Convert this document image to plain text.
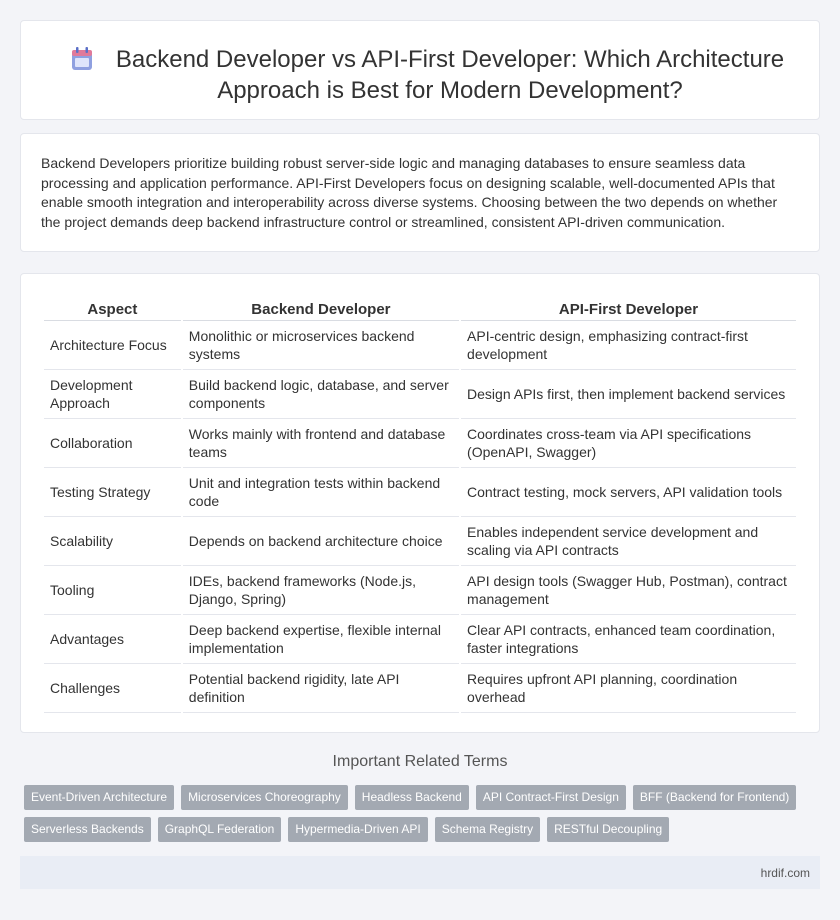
Backend Developer vs API-First Developer: Which Architecture Approach is Best for Modern Development?

Backend Developers prioritize building robust server-side logic and managing databases to ensure seamless data processing and application performance. API-First Developers focus on designing scalable, well-documented APIs that enable smooth integration and interoperability across diverse systems. Choosing between the two depends on whether the project demands deep backend infrastructure control or streamlined, consistent API-driven communication.

Aspect	Backend Developer	API-First Developer
Architecture Focus	Monolithic or microservices backend systems	API-centric design, emphasizing contract-first development
Development Approach	Build backend logic, database, and server components	Design APIs first, then implement backend services
Collaboration	Works mainly with frontend and database teams	Coordinates cross-team via API specifications (OpenAPI, Swagger)
Testing Strategy	Unit and integration tests within backend code	Contract testing, mock servers, API validation tools
Scalability	Depends on backend architecture choice	Enables independent service development and scaling via API contracts
Tooling	IDEs, backend frameworks (Node.js, Django, Spring)	API design tools (Swagger Hub, Postman), contract management
Advantages	Deep backend expertise, flexible internal implementation	Clear API contracts, enhanced team coordination, faster integrations
Challenges	Potential backend rigidity, late API definition	Requires upfront API planning, coordination overhead
Important Related Terms
Event-Driven Architecture	Microservices Choreography	Headless Backend	API Contract-First Design	BFF (Backend for Frontend)
Serverless Backends	GraphQL Federation	Hypermedia-Driven API	Schema Registry	RESTful Decoupling
hrdif.com
